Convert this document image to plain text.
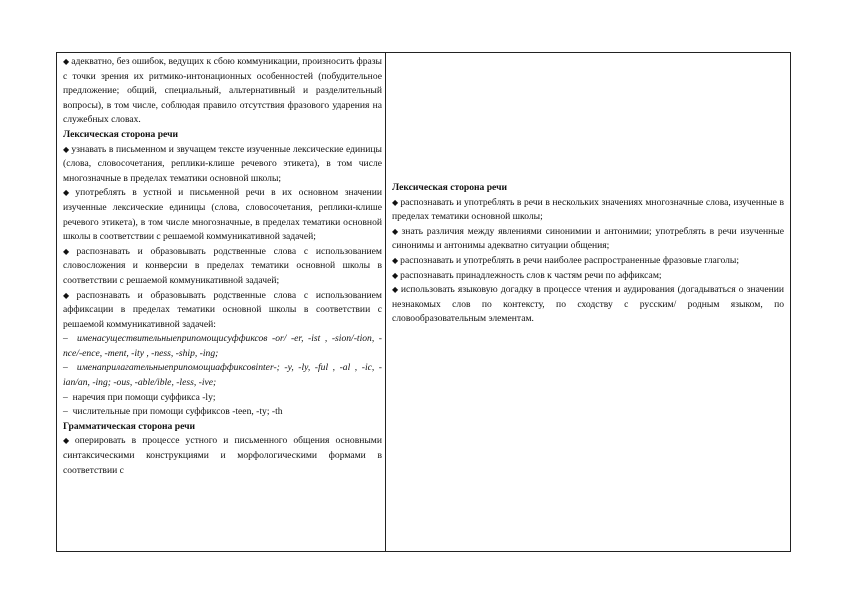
◆ адекватно, без ошибок, ведущих к сбою коммуникации, произносить фразы с точки зрения их ритмико-интонационных особенностей (побудительное предложение; общий, специальный, альтернативный и разделительный вопросы), в том числе, соблюдая правило отсутствия фразового ударения на служебных словах.

Лексическая сторона речи

◆ узнавать в письменном и звучащем тексте изученные лексические единицы (слова, словосочетания, реплики-клише речевого этикета), в том числе многозначные в пределах тематики основной школы;

◆ употреблять в устной и письменной речи в их основном значении изученные лексические единицы (слова, словосочетания, реплики-клише речевого этикета), в том числе многозначные, в пределах тематики основной школы в соответствии с решаемой коммуникативной задачей;

◆ распознавать и образовывать родственные слова с использованием словосложения и конверсии в пределах тематики основной школы в соответствии с решаемой коммуникативной задачей;

◆ распознавать и образовывать родственные слова с использованием аффиксации в пределах тематики основной школы в соответствии с решаемой коммуникативной задачей:

–  именасуществительныеприпомощисуффиксов -or/ -er, -ist , -sion/-tion, -nce/-ence, -ment, -ity , -ness, -ship, -ing;

–  именаприлагательныеприпомощиаффиксовinter-; -y, -ly, -ful , -al , -ic, -ian/an, -ing; -ous, -able/ible, -less, -ive;

–  наречия при помощи суффикса -ly;

–  числительные при помощи суффиксов -teen, -ty; -th

Грамматическая сторона речи

◆ оперировать в процессе устного и письменного общения основными синтаксическими конструкциями и морфологическими формами в соответствии с

Лексическая сторона речи

◆ распознавать и употреблять в речи в нескольких значениях многозначные слова, изученные в пределах тематики основной школы;

◆ знать различия между явлениями синонимии и антонимии; употреблять в речи изученные синонимы и антонимы адекватно ситуации общения;

◆ распознавать и употреблять в речи наиболее распространенные фразовые глаголы;

◆ распознавать принадлежность слов к частям речи по аффиксам;

◆ использовать языковую догадку в процессе чтения и аудирования (догадываться о значении незнакомых слов по контексту, по сходству с русским/ родным языком, по словообразовательным элементам.
